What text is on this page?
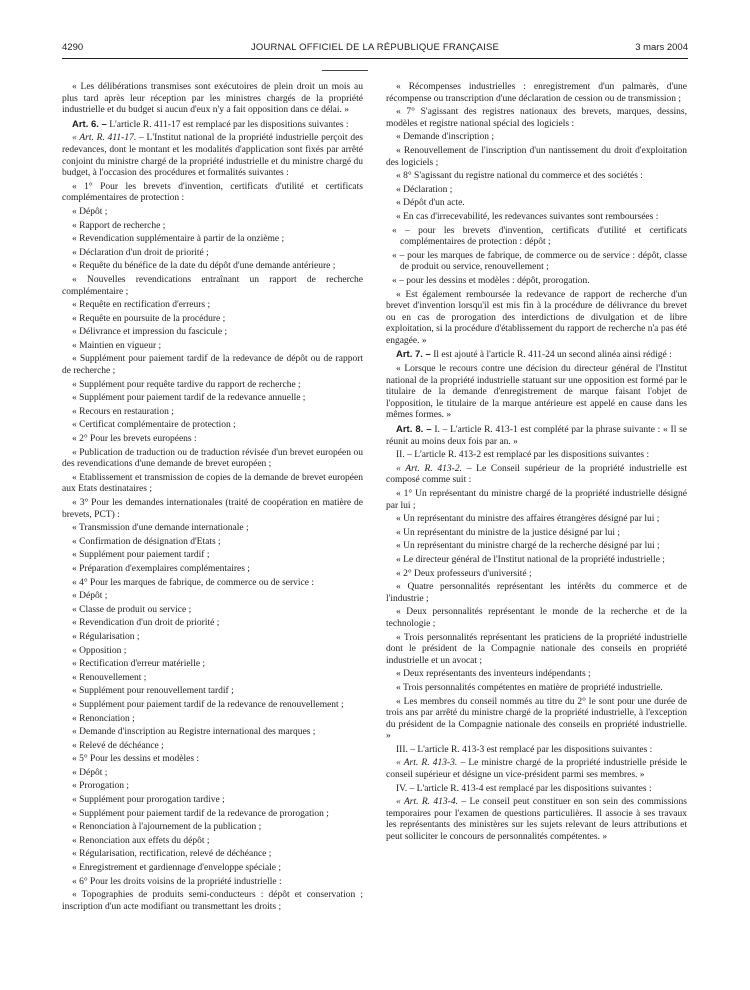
4290	JOURNAL OFFICIEL DE LA RÉPUBLIQUE FRANÇAISE	3 mars 2004

« Les délibérations transmises sont exécutoires de plein droit un mois au plus tard après leur réception par les ministres chargés de la propriété industrielle et du budget si aucun d'eux n'y a fait opposition dans ce délai. »

Art. 6. – L'article R. 411-17 est remplacé par les dispositions suivantes :

« Art. R. 411-17. – L'Institut national de la propriété industrielle perçoit des redevances, dont le montant et les modalités d'application sont fixés par arrêté conjoint du ministre chargé de la propriété industrielle et du ministre chargé du budget, à l'occasion des procédures et formalités suivantes :

« 1° Pour les brevets d'invention, certificats d'utilité et certificats complémentaires de protection :

« Dépôt ;

« Rapport de recherche ;

« Revendication supplémentaire à partir de la onzième ;

« Déclaration d'un droit de priorité ;

« Requête du bénéfice de la date du dépôt d'une demande antérieure ;

« Nouvelles revendications entraînant un rapport de recherche complémentaire ;

« Requête en rectification d'erreurs ;

« Requête en poursuite de la procédure ;

« Délivrance et impression du fascicule ;

« Maintien en vigueur ;

« Supplément pour paiement tardif de la redevance de dépôt ou de rapport de recherche ;

« Supplément pour requête tardive du rapport de recherche ;

« Supplément pour paiement tardif de la redevance annuelle ;

« Recours en restauration ;

« Certificat complémentaire de protection ;

« 2° Pour les brevets européens :

« Publication de traduction ou de traduction révisée d'un brevet européen ou des revendications d'une demande de brevet européen ;

« Etablissement et transmission de copies de la demande de brevet européen aux Etats destinataires ;

« 3° Pour les demandes internationales (traité de coopération en matière de brevets, PCT) :

« Transmission d'une demande internationale ;

« Confirmation de désignation d'Etats ;

« Supplément pour paiement tardif ;

« Préparation d'exemplaires complémentaires ;

« 4° Pour les marques de fabrique, de commerce ou de service :

« Dépôt ;

« Classe de produit ou service ;

« Revendication d'un droit de priorité ;

« Régularisation ;

« Opposition ;

« Rectification d'erreur matérielle ;

« Renouvellement ;

« Supplément pour renouvellement tardif ;

« Supplément pour paiement tardif de la redevance de renouvellement ;

« Renonciation ;

« Demande d'inscription au Registre international des marques ;

« Relevé de déchéance ;

« 5° Pour les dessins et modèles :

« Dépôt ;

« Prorogation ;

« Supplément pour prorogation tardive ;

« Supplément pour paiement tardif de la redevance de prorogation ;

« Renonciation à l'ajournement de la publication ;

« Renonciation aux effets du dépôt ;

« Régularisation, rectification, relevé de déchéance ;

« Enregistrement et gardiennage d'enveloppe spéciale ;

« 6° Pour les droits voisins de la propriété industrielle :

« Topographies de produits semi-conducteurs : dépôt et conservation ; inscription d'un acte modifiant ou transmettant les droits ;

« Récompenses industrielles : enregistrement d'un palmarès, d'une récompense ou transcription d'une déclaration de cession ou de transmission ;

« 7° S'agissant des registres nationaux des brevets, marques, dessins, modèles et registre national spécial des logiciels :

« Demande d'inscription ;

« Renouvellement de l'inscription d'un nantissement du droit d'exploitation des logiciels ;

« 8° S'agissant du registre national du commerce et des sociétés :

« Déclaration ;

« Dépôt d'un acte.

« En cas d'irrecevabilité, les redevances suivantes sont remboursées :

« – pour les brevets d'invention, certificats d'utilité et certificats complémentaires de protection : dépôt ;

« – pour les marques de fabrique, de commerce ou de service : dépôt, classe de produit ou service, renouvellement ;

« – pour les dessins et modèles : dépôt, prorogation.

« Est également remboursée la redevance de rapport de recherche d'un brevet d'invention lorsqu'il est mis fin à la procédure de délivrance du brevet ou en cas de prorogation des interdictions de divulgation et de libre exploitation, si la procédure d'établissement du rapport de recherche n'a pas été engagée. »

Art. 7. – Il est ajouté à l'article R. 411-24 un second alinéa ainsi rédigé :

« Lorsque le recours contre une décision du directeur général de l'Institut national de la propriété industrielle statuant sur une opposition est formé par le titulaire de la demande d'enregistrement de marque faisant l'objet de l'opposition, le titulaire de la marque antérieure est appelé en cause dans les mêmes formes. »

Art. 8. – I. – L'article R. 413-1 est complété par la phrase suivante : « Il se réunit au moins deux fois par an. »

II. – L'article R. 413-2 est remplacé par les dispositions suivantes :

« Art. R. 413-2. – Le Conseil supérieur de la propriété industrielle est composé comme suit :

« 1° Un représentant du ministre chargé de la propriété industrielle désigné par lui ;

« Un représentant du ministre des affaires étrangères désigné par lui ;

« Un représentant du ministre de la justice désigné par lui ;

« Un représentant du ministre chargé de la recherche désigné par lui ;

« Le directeur général de l'Institut national de la propriété industrielle ;

« 2° Deux professeurs d'université ;

« Quatre personnalités représentant les intérêts du commerce et de l'industrie ;

« Deux personnalités représentant le monde de la recherche et de la technologie ;

« Trois personnalités représentant les praticiens de la propriété industrielle dont le président de la Compagnie nationale des conseils en propriété industrielle et un avocat ;

« Deux représentants des inventeurs indépendants ;

« Trois personnalités compétentes en matière de propriété industrielle.

« Les membres du conseil nommés au titre du 2° le sont pour une durée de trois ans par arrêté du ministre chargé de la propriété industrielle, à l'exception du président de la Compagnie nationale des conseils en propriété industrielle. »

III. – L'article R. 413-3 est remplacé par les dispositions suivantes :

« Art. R. 413-3. – Le ministre chargé de la propriété industrielle préside le conseil supérieur et désigne un vice-président parmi ses membres. »

IV. – L'article R. 413-4 est remplacé par les dispositions suivantes :

« Art. R. 413-4. – Le conseil peut constituer en son sein des commissions temporaires pour l'examen de questions particulières. Il associe à ses travaux les représentants des ministères sur les sujets relevant de leurs attributions et peut solliciter le concours de personnalités compétentes. »
